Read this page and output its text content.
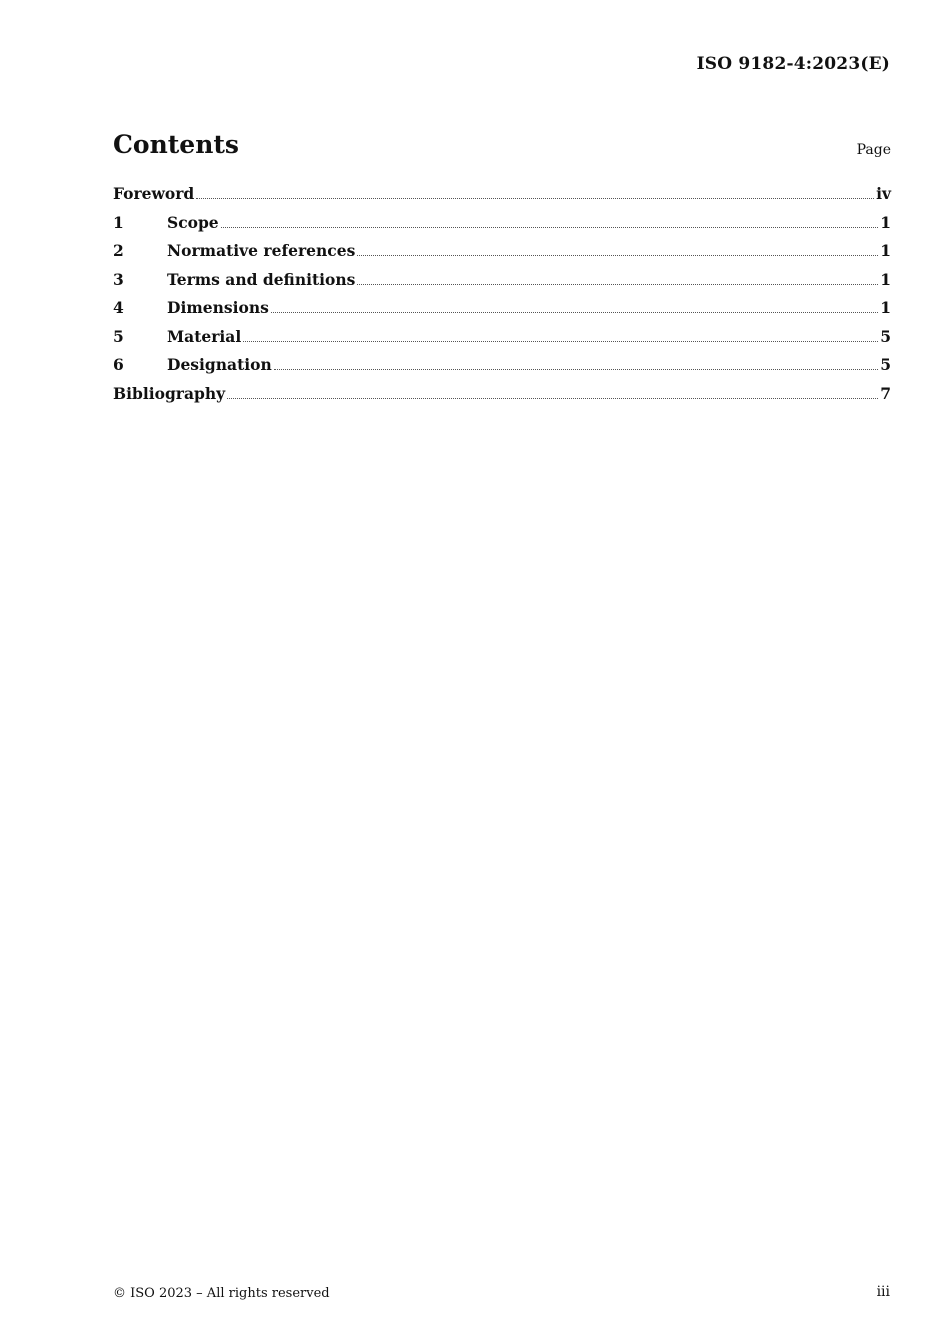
ISO 9182-4:2023(E)
Contents	Page
Foreword	iv
1	Scope	1
2	Normative references	1
3	Terms and definitions	1
4	Dimensions	1
5	Material	5
6	Designation	5
Bibliography	7
© ISO 2023 – All rights reserved	iii
